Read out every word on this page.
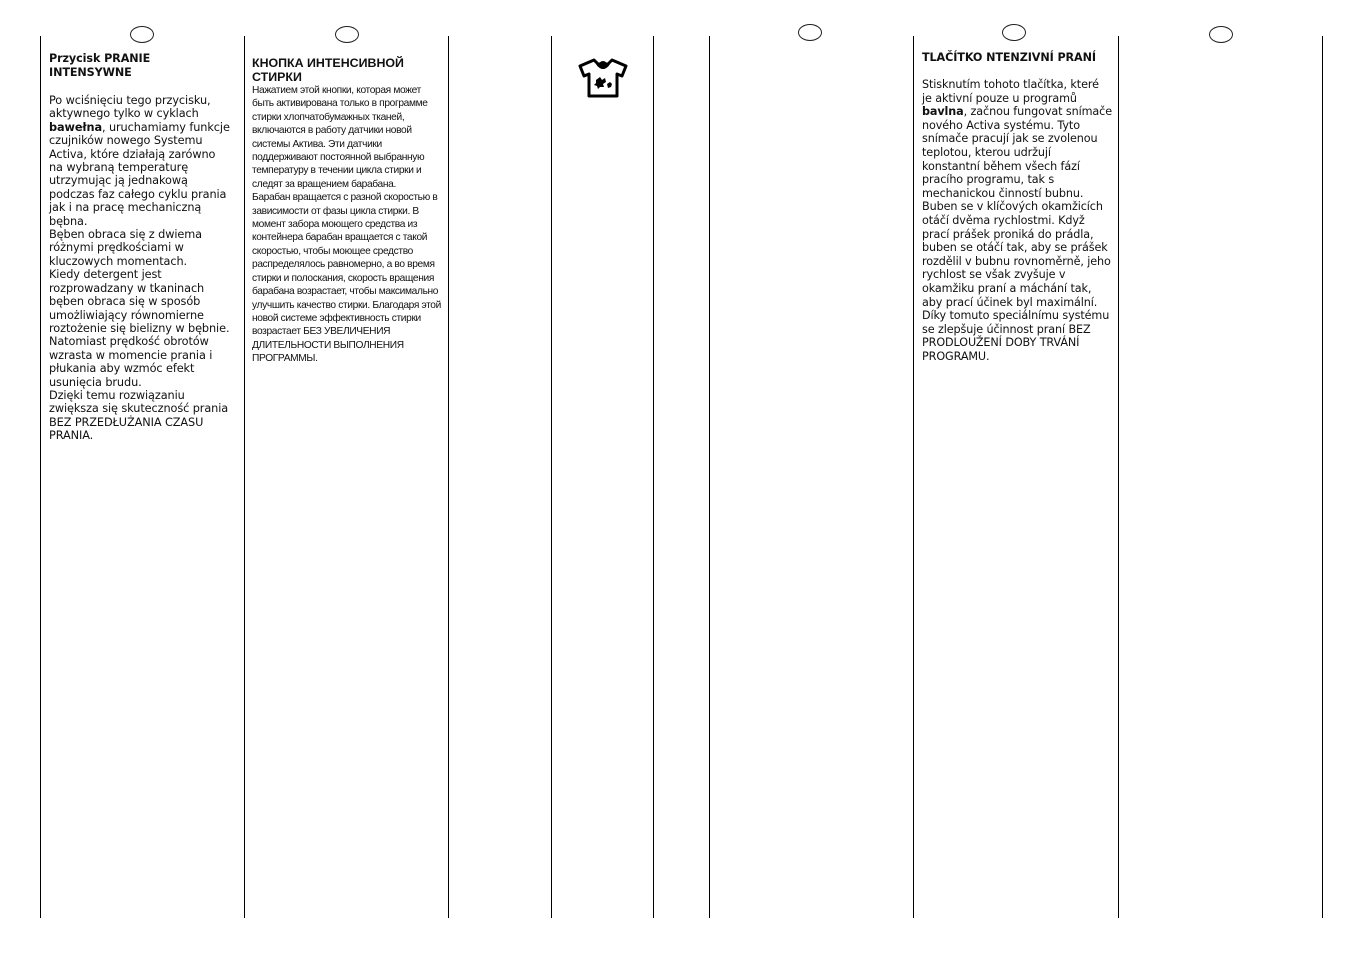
Przycisk PRANIE INTENSYWNE
Po wciśnięciu tego przycisku, aktywnego tylko w cyklach bawełna, uruchamiamy funkcje czujników nowego Systemu Activa, które działają zarówno na wybraną temperaturę utrzymując ją jednakową podczas faz całego cyklu prania jak i na pracę mechaniczną bębna.
Bęben obraca się z dwiema różnymi prędkościami w kluczowych momentach.
Kiedy detergent jest rozprowadzany w tkaninach bęben obraca się w sposób umożliwiający równomierne roztożenie się bielizny w bębnie. Natomiast prędkość obrotów wzrasta w momencie prania i płukania aby wzmóc efekt usunięcia brudu.
Dzięki temu rozwiązaniu zwiększa się skuteczność prania BEZ PRZEDŁUŻANIA CZASU PRANIA.
КНОПКА ИНТЕНСИВНОЙ СТИРКИ
Нажатием этой кнопки, которая может быть активирована только в программе стирки хлопчатобумажных тканей, включаются в работу датчики новой системы Актива. Эти датчики поддерживают постоянной выбранную температуру в течении цикла стирки и следят за вращением барабана.
Барабан вращается с разной скоростью в зависимости от фазы цикла стирки. В момент забора моющего средства из контейнера барабан вращается с такой скоростью, чтобы моющее средство распределялось равномерно, а во время стирки и полоскания, скорость вращения барабана возрастает, чтобы максимально улучшить качество стирки. Благодаря этой новой системе эффективность стирки возрастает БЕЗ УВЕЛИЧЕНИЯ ДЛИТЕЛЬНОСТИ ВЫПОЛНЕНИЯ ПРОГРАММЫ.
TLAČÍTKO NTENZIVNÍ PRANÍ
Stisknutím tohoto tlačítka, které je aktivní pouze u programů bavlna, začnou fungovat snímače nového Activa systému. Tyto snímače pracují jak se zvolenou teplotou, kterou udržují konstantní během všech fází pracího programu, tak s mechanickou činností bubnu. Buben se v klíčových okamžicích otáčí dvěma rychlostmi. Když prací prášek proniká do prádla, buben se otáčí tak, aby se prášek rozdělil v bubnu rovnoměrně, jeho rychlost se však zvyšuje v okamžiku praní a máchání tak, aby prací účinek byl maximální. Díky tomuto speciálnímu systému se zlepšuje účinnost praní BEZ PRODLOUŽENÍ DOBY TRVÁNÍ PROGRAMU.
